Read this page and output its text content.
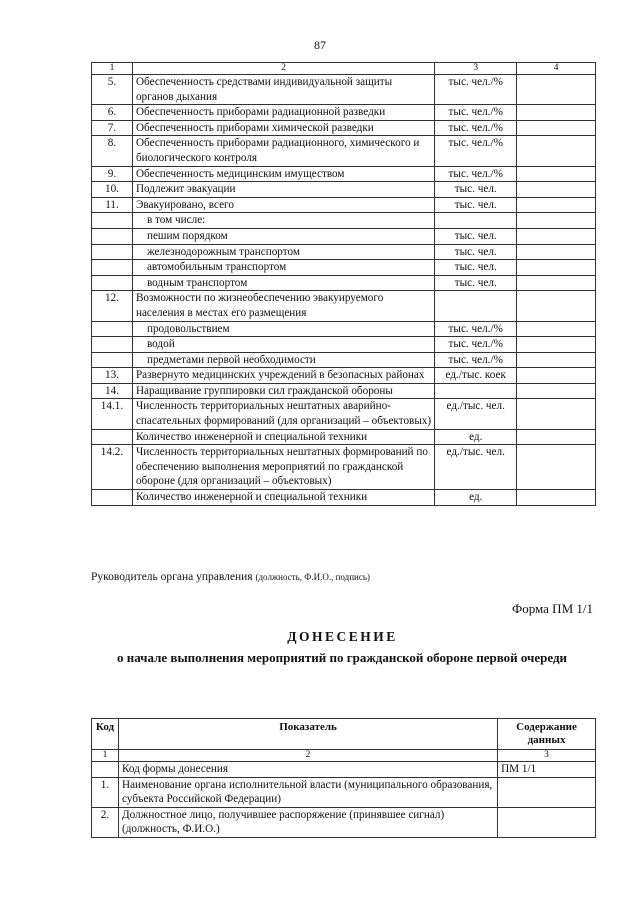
87
1	2	3	4
5.	Обеспеченность средствами индивидуальной защиты органов дыхания	тыс. чел./%	
6.	Обеспеченность приборами радиационной разведки	тыс. чел./%	
7.	Обеспеченность приборами химической разведки	тыс. чел./%	
8.	Обеспеченность приборами радиационного, химического и биологического контроля	тыс. чел./%	
9.	Обеспеченность медицинским имуществом	тыс. чел./%	
10.	Подлежит эвакуации	тыс. чел.	
11.	Эвакуировано, всего	тыс. чел.	
	в том числе:		
	пешим порядком	тыс. чел.	
	железнодорожным транспортом	тыс. чел.	
	автомобильным транспортом	тыс. чел.	
	водным транспортом	тыс. чел.	
12.	Возможности по жизнеобеспечению эвакуируемого населения в местах его размещения		
	продовольствием	тыс. чел./%	
	водой	тыс. чел./%	
	предметами первой необходимости	тыс. чел./%	
13.	Развернуто медицинских учреждений в безопасных районах	ед./тыс. коек	
14.	Наращивание группировки сил гражданской обороны		
14.1.	Численность территориальных нештатных аварийно-спасательных формирований (для организаций – объектовых)	ед./тыс. чел.	
	Количество инженерной и специальной техники	ед.	
14.2.	Численность территориальных нештатных формирований по обеспечению выполнения мероприятий по гражданской обороне (для организаций – объектовых)	ед./тыс. чел.	
	Количество инженерной и специальной техники	ед.	
Руководитель органа управления (должность, Ф.И.О., подпись)
Форма ПМ 1/1
ДОНЕСЕНИЕ
о начале выполнения мероприятий по гражданской обороне первой очереди
Код	Показатель	Содержание данных
1	2	3
	Код формы донесения	ПМ 1/1
1.	Наименование органа исполнительной власти (муниципального образования, субъекта Российской Федерации)	
2.	Должностное лицо, получившее распоряжение (принявшее сигнал) (должность, Ф.И.О.)	
